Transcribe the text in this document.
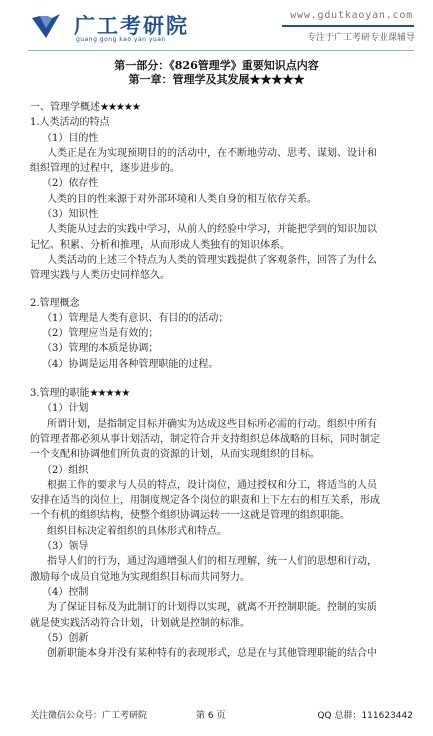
广工考研院
guang gong kao yan yuan
www.gdutkaoyan.com
专注于广工考研专业课辅导
第一部分：《826管理学》重要知识点内容
第一章：管理学及其发展★★★★★
一、管理学概述★★★★★
1.人类活动的特点
（1）目的性
人类正是在为实现预期目的的活动中，在不断地劳动、思考、谋划、设计和
组织管理的过程中，逐步进步的。
（2）依存性
人类的目的性来源于对外部环境和人类自身的相互依存关系。
（3）知识性
人类能从过去的实践中学习，从前人的经验中学习，并能把学到的知识加以
记忆、积累、分析和推理，从而形成人类独有的知识体系。
人类活动的上述三个特点为人类的管理实践提供了客观条件，回答了为什么
管理实践与人类历史同样悠久。
2.管理概念
（1）管理是人类有意识、有目的的活动；
（2）管理应当是有效的；
（3）管理的本质是协调；
（4）协调是运用各种管理职能的过程。
3.管理的职能★★★★★
（1）计划
所谓计划，是指制定目标并确实为达成这些目标所必需的行动。组织中所有
的管理者都必须从事计划活动，制定符合并支持组织总体战略的目标，同时制定
一个支配和协调他们所负责的资源的计划，从而实现组织的目标。
（2）组织
根据工作的要求与人员的特点，设计岗位，通过授权和分工，将适当的人员
安排在适当的岗位上，用制度规定各个岗位的职责和上下左右的相互关系，形成
一个有机的组织结构，使整个组织协调运转一一这就是管理的组织职能。
组织目标决定着组织的具体形式和特点。
（3）领导
指导人们的行为，通过沟通增强人们的相互理解，统一人们的思想和行动，
激励每个成员自觉地为实现组织目标而共同努力。
（4）控制
为了保证目标及为此制订的计划得以实现，就离不开控制职能。控制的实质
就是使实践活动符合计划，计划就是控制的标准。
（5）创新
创新职能本身并没有某种特有的表现形式，总是在与其他管理职能的结合中
关注微信公众号：广工考研院	第 6 页	QQ 总群：111623442
